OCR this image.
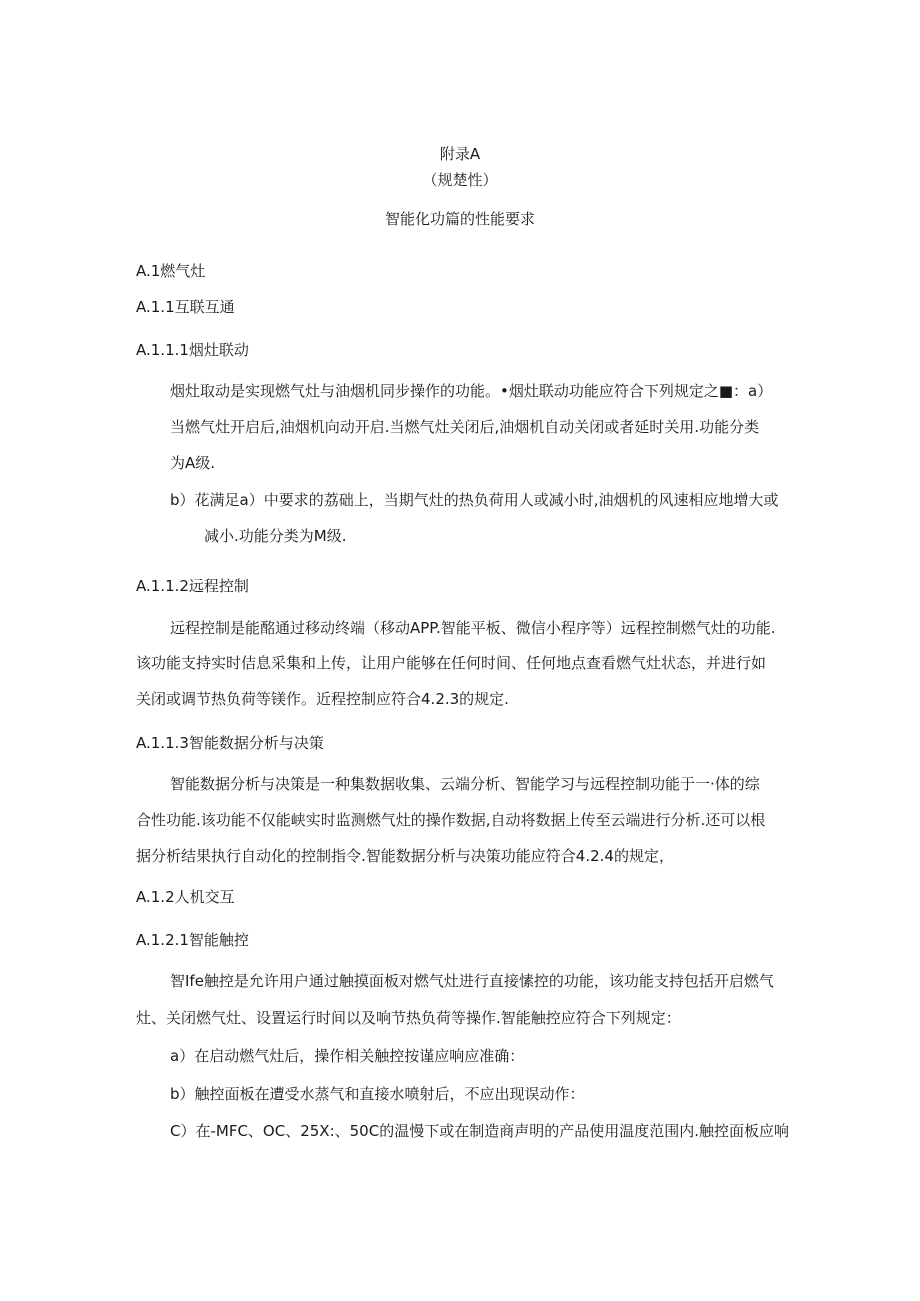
附录A
（规楚性）
智能化功篇的性能要求
A.1燃气灶
A.1.1互联互通
A.1.1.1烟灶联动
烟灶取动是实现燃气灶与油烟机同步操作的功能。•烟灶联动功能应符合下列规定之■：a）
当燃气灶开启后,油烟机向动开启.当燃气灶关闭后,油烟机自动关闭或者延时关用.功能分类
为A级.
b）花满足a）中要求的荔础上，当期气灶的热负荷用人或减小时,油烟机的风速相应地增大或
减小.功能分类为M级.
A.1.1.2远程控制
远程控制是能酩通过移动终端（移动APP.智能平板、微信小程序等）远程控制燃气灶的功能.
该功能支持实时佶息采集和上传，让用户能够在任何时间、任何地点查看燃气灶状态，并进行如
关闭或调节热负荷等镁作。近程控制应符合4.2.3的规定.
A.1.1.3智能数据分析与决策
智能数据分析与决策是一种集数据收集、云端分析、智能学习与远程控制功能于一·体的综
合性功能.该功能不仅能峡实时监测燃气灶的操作数据,自动将数据上传至云端进行分析.还可以根
据分析结果执行自动化的控制指令.智能数据分析与决策功能应符合4.2.4的规定，
A.1.2人机交互
A.1.2.1智能触控
智Ife触控是允许用户通过触摸面板对燃气灶进行直接愫控的功能，该功能支持包括开启燃气
灶、关闭燃气灶、设置运行时间以及响节热负荷等操作.智能触控应符合下列规定：
a）在启动燃气灶后，操作相关触控按谨应响应准确：
b）触控面板在遭受水蒸气和直接水喷射后，不应出现误动作：
C）在-MFC、OC、25X:、50C的温慢下或在制造商声明的产品使用温度范围内.触控面板应响
